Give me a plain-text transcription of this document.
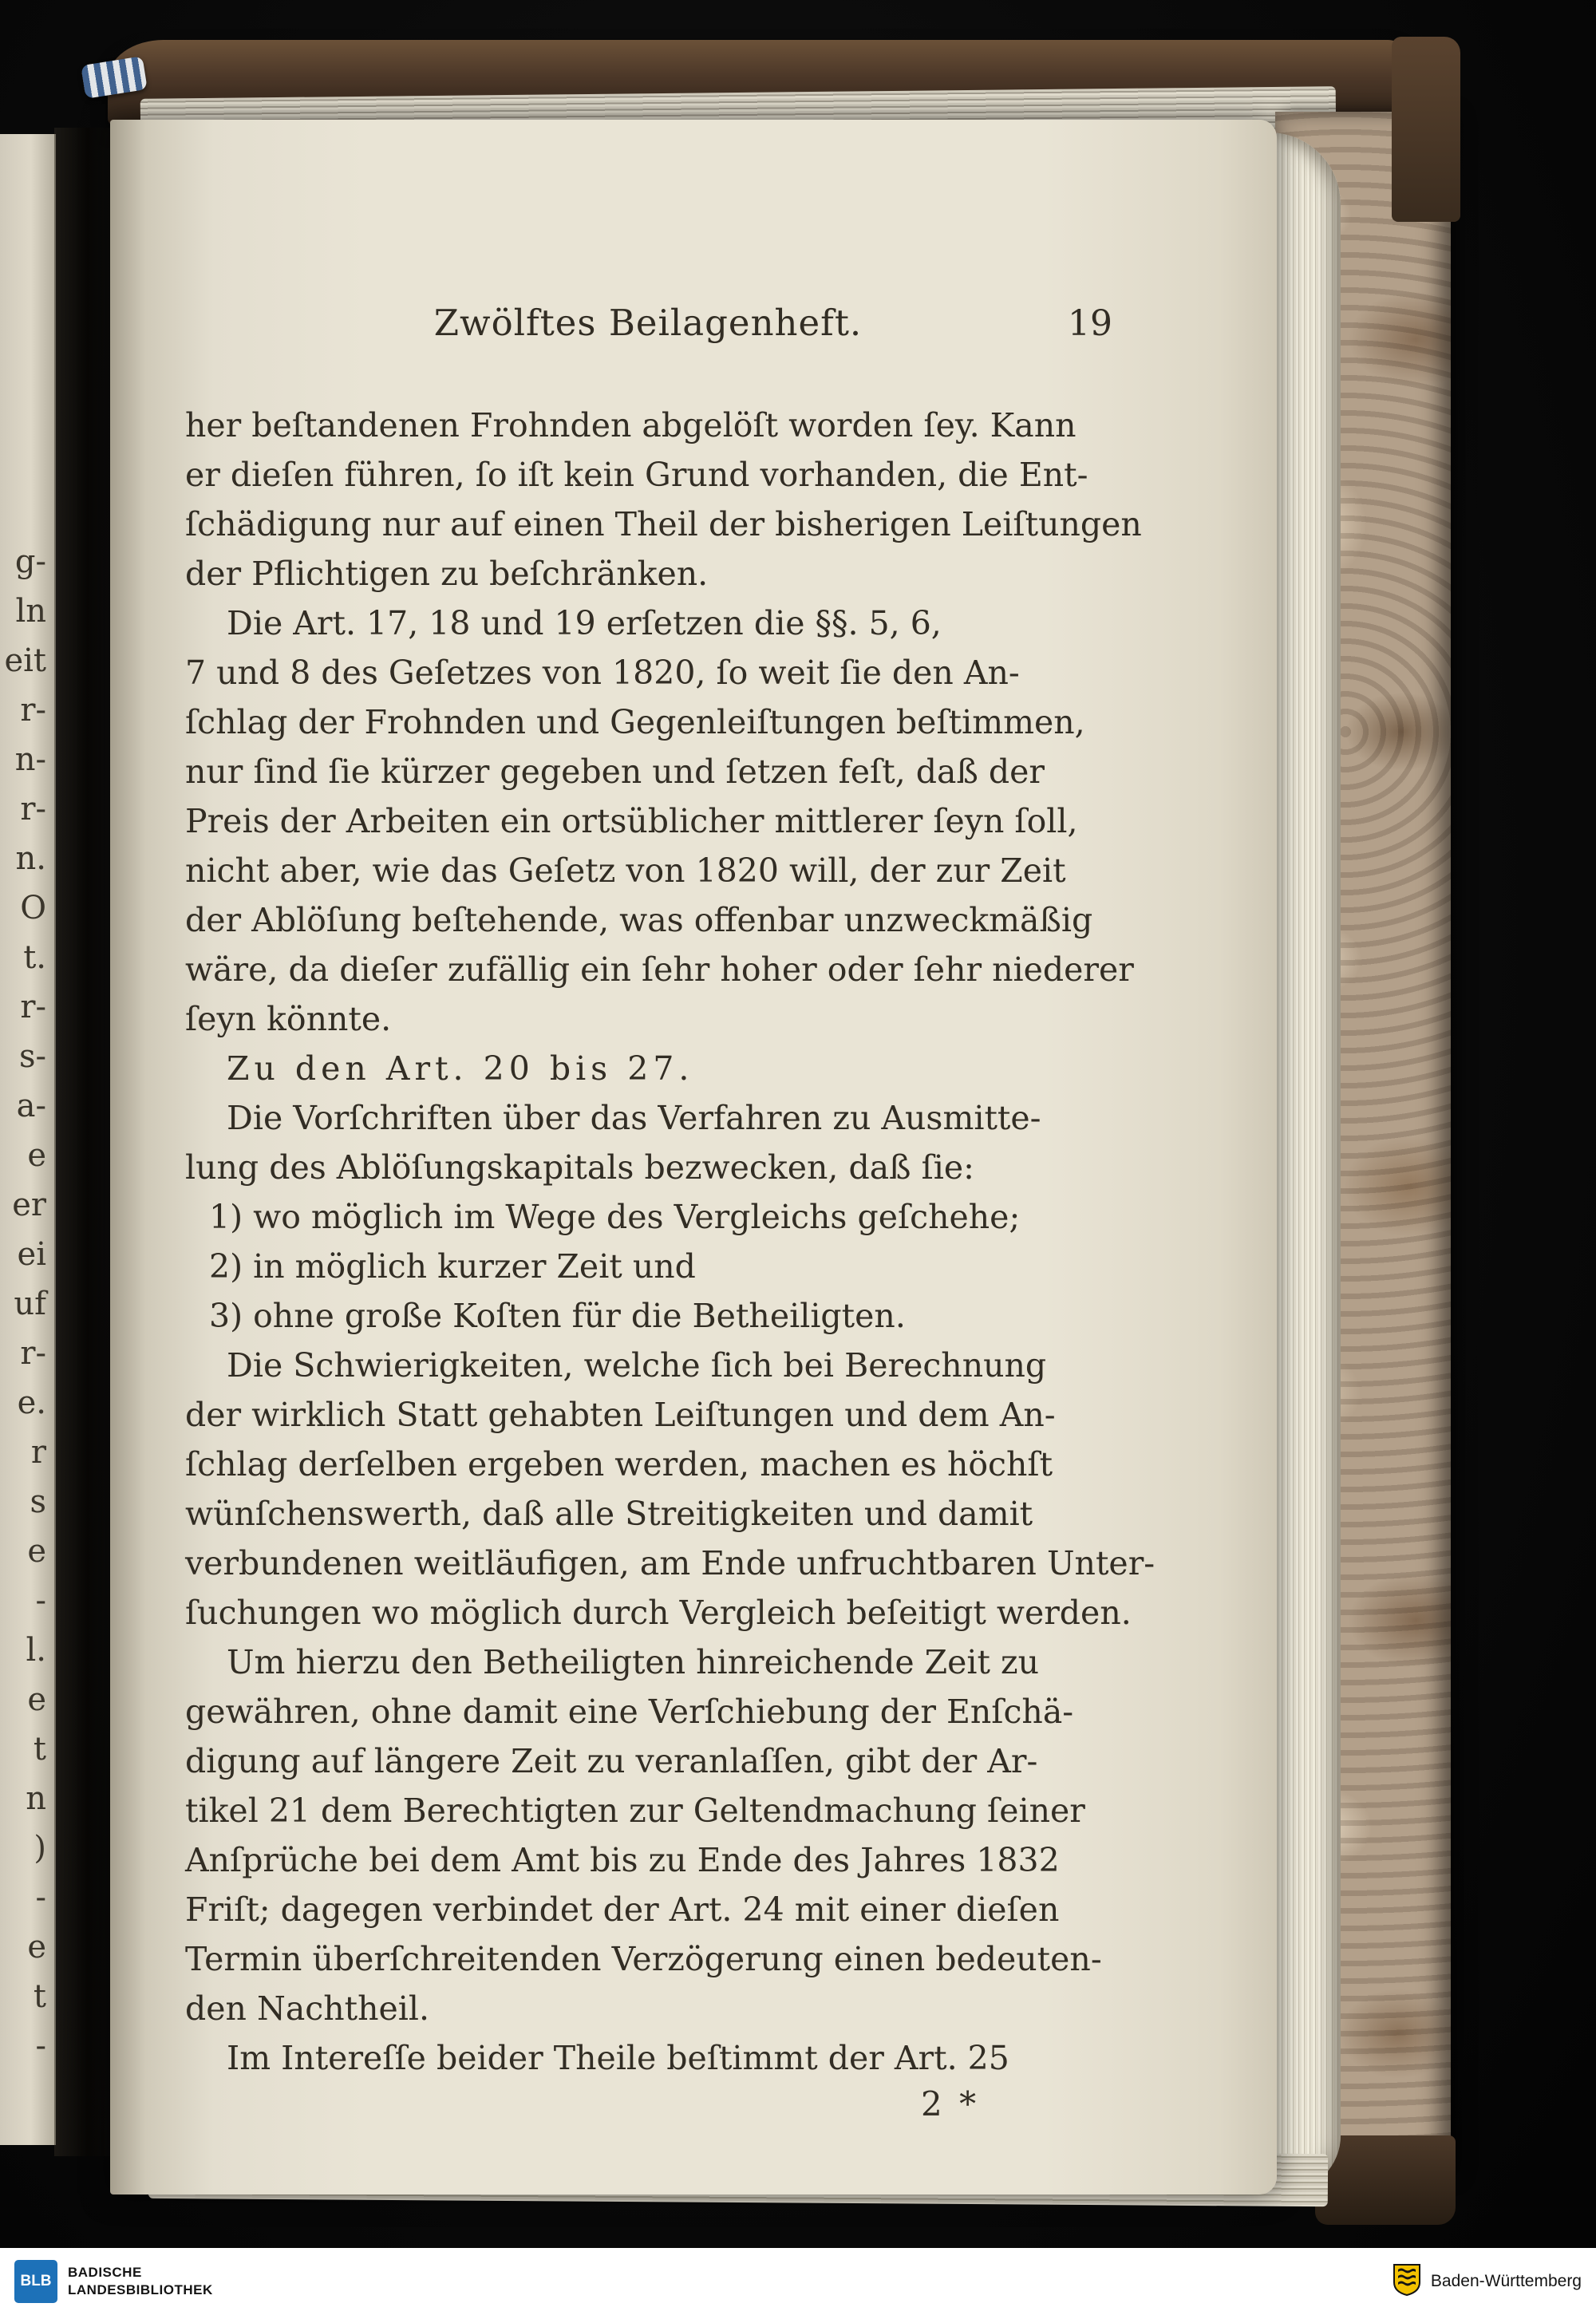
g-
ln
eit
r-
n-
r-
n.
O
t.
r-
s-
a-
e
er
ei
uf
r-
e.
r
s
e
-
l.
e
t
n
)
-
e
t
-
Zwölftes Beilagenheft.	19
her beſtandenen Frohnden abgelöſt worden ſey. Kann
er dieſen führen, ſo iſt kein Grund vorhanden, die Ent-
ſchädigung nur auf einen Theil der bisherigen Leiſtungen
der Pflichtigen zu beſchränken.
Die Art. 17, 18 und 19 erſetzen die §§. 5, 6,
7 und 8 des Geſetzes von 1820, ſo weit ſie den An-
ſchlag der Frohnden und Gegenleiſtungen beſtimmen,
nur ſind ſie kürzer gegeben und ſetzen feſt, daß der
Preis der Arbeiten ein ortsüblicher mittlerer ſeyn ſoll,
nicht aber, wie das Geſetz von 1820 will, der zur Zeit
der Ablöſung beſtehende, was offenbar unzweckmäßig
wäre, da dieſer zufällig ein ſehr hoher oder ſehr niederer
ſeyn könnte.
Zu den Art. 20 bis 27.
Die Vorſchriften über das Verfahren zu Ausmitte-
lung des Ablöſungskapitals bezwecken, daß ſie:
1) wo möglich im Wege des Vergleichs geſchehe;
2) in möglich kurzer Zeit und
3) ohne große Koſten für die Betheiligten.
Die Schwierigkeiten, welche ſich bei Berechnung
der wirklich Statt gehabten Leiſtungen und dem An-
ſchlag derſelben ergeben werden, machen es höchſt
wünſchenswerth, daß alle Streitigkeiten und damit
verbundenen weitläufigen, am Ende unfruchtbaren Unter-
ſuchungen wo möglich durch Vergleich beſeitigt werden.
Um hierzu den Betheiligten hinreichende Zeit zu
gewähren, ohne damit eine Verſchiebung der Enſchä-
digung auf längere Zeit zu veranlaſſen, gibt der Ar-
tikel 21 dem Berechtigten zur Geltendmachung ſeiner
Anſprüche bei dem Amt bis zu Ende des Jahres 1832
Friſt; dagegen verbindet der Art. 24 mit einer dieſen
Termin überſchreitenden Verzögerung einen bedeuten-
den Nachtheil.
Im Intereſſe beider Theile beſtimmt der Art. 25
2 *
BLB
BADISCHE
LANDESBIBLIOTHEK	Baden-Württemberg
